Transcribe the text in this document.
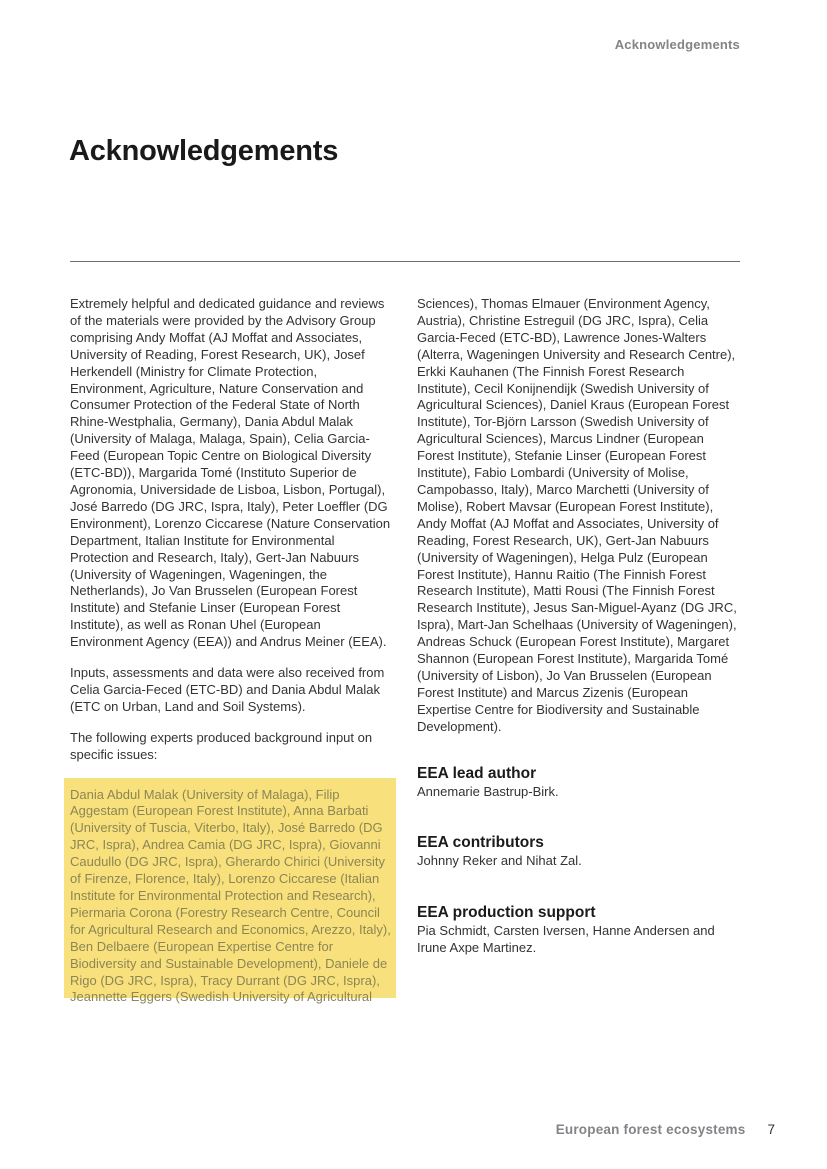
Acknowledgements
Acknowledgements

Extremely helpful and dedicated guidance and reviews of the materials were provided by the Advisory Group comprising Andy Moffat (AJ Moffat and Associates, University of Reading, Forest Research, UK), Josef Herkendell (Ministry for Climate Protection, Environment, Agriculture, Nature Conservation and Consumer Protection of the Federal State of North Rhine-Westphalia, Germany), Dania Abdul Malak (University of Malaga, Malaga, Spain), Celia Garcia-Feed (European Topic Centre on Biological Diversity (ETC-BD)), Margarida Tomé (Instituto Superior de Agronomia, Universidade de Lisboa, Lisbon, Portugal), José Barredo (DG JRC, Ispra, Italy), Peter Loeffler (DG Environment), Lorenzo Ciccarese (Nature Conservation Department, Italian Institute for Environmental Protection and Research, Italy), Gert-Jan Nabuurs (University of Wageningen, Wageningen, the Netherlands), Jo Van Brusselen (European Forest Institute) and Stefanie Linser (European Forest Institute), as well as Ronan Uhel (European Environment Agency (EEA)) and Andrus Meiner (EEA).

Inputs, assessments and data were also received from Celia Garcia-Feced (ETC-BD) and Dania Abdul Malak (ETC on Urban, Land and Soil Systems).

The following experts produced background input on specific issues:

Dania Abdul Malak (University of Malaga), Filip Aggestam (European Forest Institute), Anna Barbati (University of Tuscia, Viterbo, Italy), José Barredo (DG JRC, Ispra), Andrea Camia (DG JRC, Ispra), Giovanni Caudullo (DG JRC, Ispra), Gherardo Chirici (University of Firenze, Florence, Italy), Lorenzo Ciccarese (Italian Institute for Environmental Protection and Research), Piermaria Corona (Forestry Research Centre, Council for Agricultural Research and Economics, Arezzo, Italy), Ben Delbaere (European Expertise Centre for Biodiversity and Sustainable Development), Daniele de Rigo (DG JRC, Ispra), Tracy Durrant (DG JRC, Ispra), Jeannette Eggers (Swedish University of Agricultural

Sciences), Thomas Elmauer (Environment Agency, Austria), Christine Estreguil (DG JRC, Ispra), Celia Garcia-Feced (ETC-BD), Lawrence Jones-Walters (Alterra, Wageningen University and Research Centre), Erkki Kauhanen (The Finnish Forest Research Institute), Cecil Konijnendijk (Swedish University of Agricultural Sciences), Daniel Kraus (European Forest Institute), Tor-Björn Larsson (Swedish University of Agricultural Sciences), Marcus Lindner (European Forest Institute), Stefanie Linser (European Forest Institute), Fabio Lombardi (University of Molise, Campobasso, Italy), Marco Marchetti (University of Molise), Robert Mavsar (European Forest Institute), Andy Moffat (AJ Moffat and Associates, University of Reading, Forest Research, UK), Gert-Jan Nabuurs (University of Wageningen), Helga Pulz (European Forest Institute), Hannu Raitio (The Finnish Forest Research Institute), Matti Rousi (The Finnish Forest Research Institute), Jesus San-Miguel-Ayanz (DG JRC, Ispra), Mart-Jan Schelhaas (University of Wageningen), Andreas Schuck (European Forest Institute), Margaret Shannon (European Forest Institute), Margarida Tomé (University of Lisbon), Jo Van Brusselen (European Forest Institute) and Marcus Zizenis (European Expertise Centre for Biodiversity and Sustainable Development).

EEA lead author

Annemarie Bastrup-Birk.

EEA contributors

Johnny Reker and Nihat Zal.

EEA production support

Pia Schmidt, Carsten Iversen, Hanne Andersen and Irune Axpe Martinez.

European forest ecosystems 7
